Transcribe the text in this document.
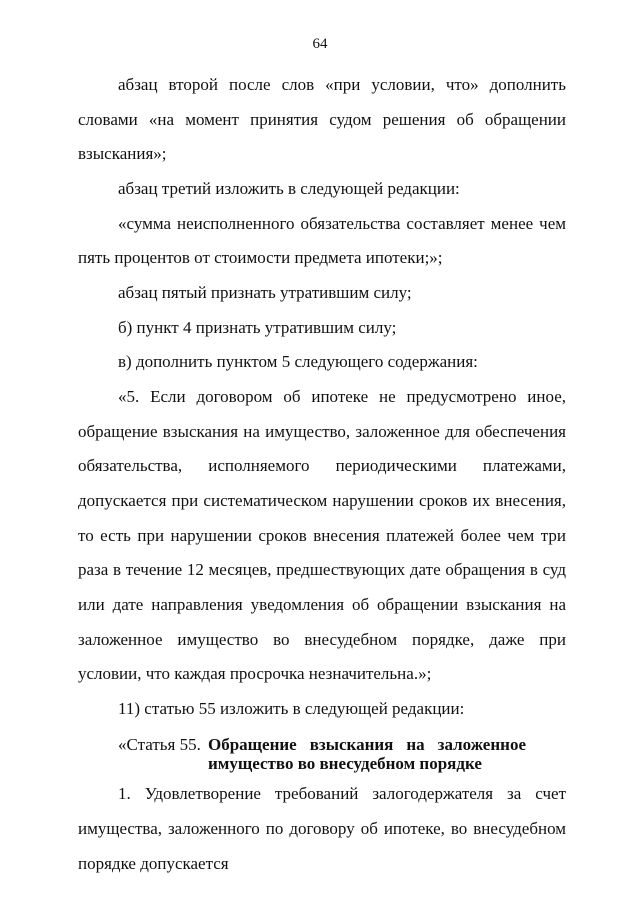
64

абзац второй после слов «при условии, что» дополнить словами «на момент принятия судом решения об обращении взыскания»;

абзац третий изложить в следующей редакции:

«сумма неисполненного обязательства составляет менее чем пять процентов от стоимости предмета ипотеки;»;

абзац пятый признать утратившим силу;

б) пункт 4 признать утратившим силу;

в) дополнить пунктом 5 следующего содержания:

«5. Если договором об ипотеке не предусмотрено иное, обращение взыскания на имущество, заложенное для обеспечения обязательства, исполняемого периодическими платежами, допускается при систематическом нарушении сроков их внесения, то есть при нарушении сроков внесения платежей более чем три раза в течение 12 месяцев, предшествующих дате обращения в суд или дате направления уведомления об обращении взыскания на заложенное имущество во внесудебном порядке, даже при условии, что каждая просрочка незначительна.»;

11) статью 55 изложить в следующей редакции:

«Статья 55. Обращение взыскания на заложенное
имущество во внесудебном порядке

1. Удовлетворение требований залогодержателя за счет имущества, заложенного по договору об ипотеке, во внесудебном порядке допускается
